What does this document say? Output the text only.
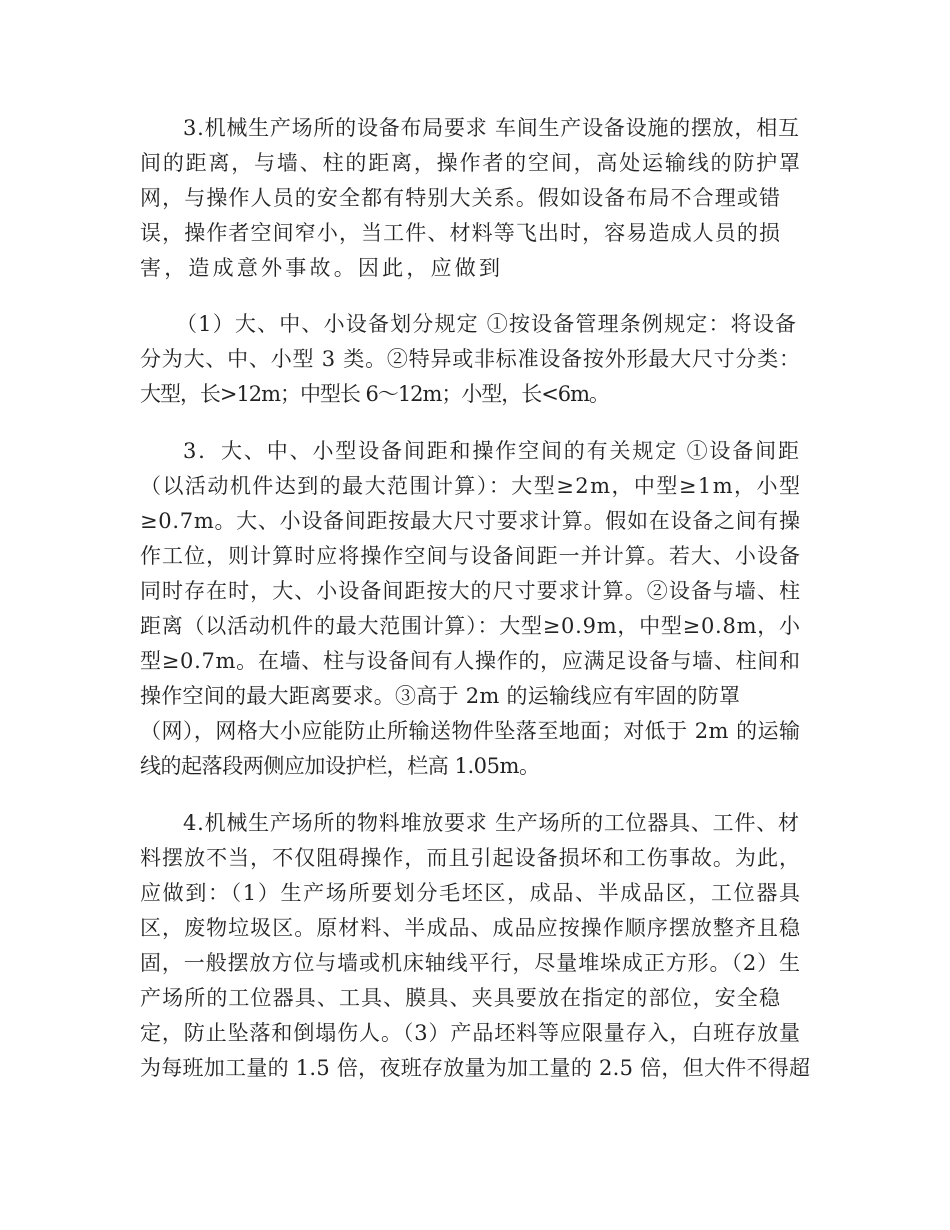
3.机械生产场所的设备布局要求 车间生产设备设施的摆放，相互
间的距离，与墙、柱的距离，操作者的空间，高处运输线的防护罩
网，与操作人员的安全都有特别大关系。假如设备布局不合理或错
误，操作者空间窄小，当工件、材料等飞出时，容易造成人员的损
害，造成意外事故。因此，应做到
（1）大、中、小设备划分规定 ①按设备管理条例规定：将设备
分为大、中、小型 3 类。②特异或非标准设备按外形最大尺寸分类：
大型，长>12m；中型长 6～12m；小型，长<6m。
3．大、中、小型设备间距和操作空间的有关规定 ①设备间距
（以活动机件达到的最大范围计算）：大型≥2m，中型≥1m，小型
≥0.7m。大、小设备间距按最大尺寸要求计算。假如在设备之间有操
作工位，则计算时应将操作空间与设备间距一并计算。若大、小设备
同时存在时，大、小设备间距按大的尺寸要求计算。②设备与墙、柱
距离（以活动机件的最大范围计算）：大型≥0.9m，中型≥0.8m，小
型≥0.7m。在墙、柱与设备间有人操作的，应满足设备与墙、柱间和
操作空间的最大距离要求。③高于 2m 的运输线应有牢固的防罩
（网），网格大小应能防止所输送物件坠落至地面；对低于 2m 的运输
线的起落段两侧应加设护栏，栏高 1.05m。
4.机械生产场所的物料堆放要求 生产场所的工位器具、工件、材
料摆放不当，不仅阻碍操作，而且引起设备损坏和工伤事故。为此，
应做到：（1）生产场所要划分毛坯区，成品、半成品区，工位器具
区，废物垃圾区。原材料、半成品、成品应按操作顺序摆放整齐且稳
固，一般摆放方位与墙或机床轴线平行，尽量堆垛成正方形。（2）生
产场所的工位器具、工具、膜具、夹具要放在指定的部位，安全稳
定，防止坠落和倒塌伤人。（3）产品坯料等应限量存入，白班存放量
为每班加工量的 1.5 倍，夜班存放量为加工量的 2.5 倍，但大件不得超
